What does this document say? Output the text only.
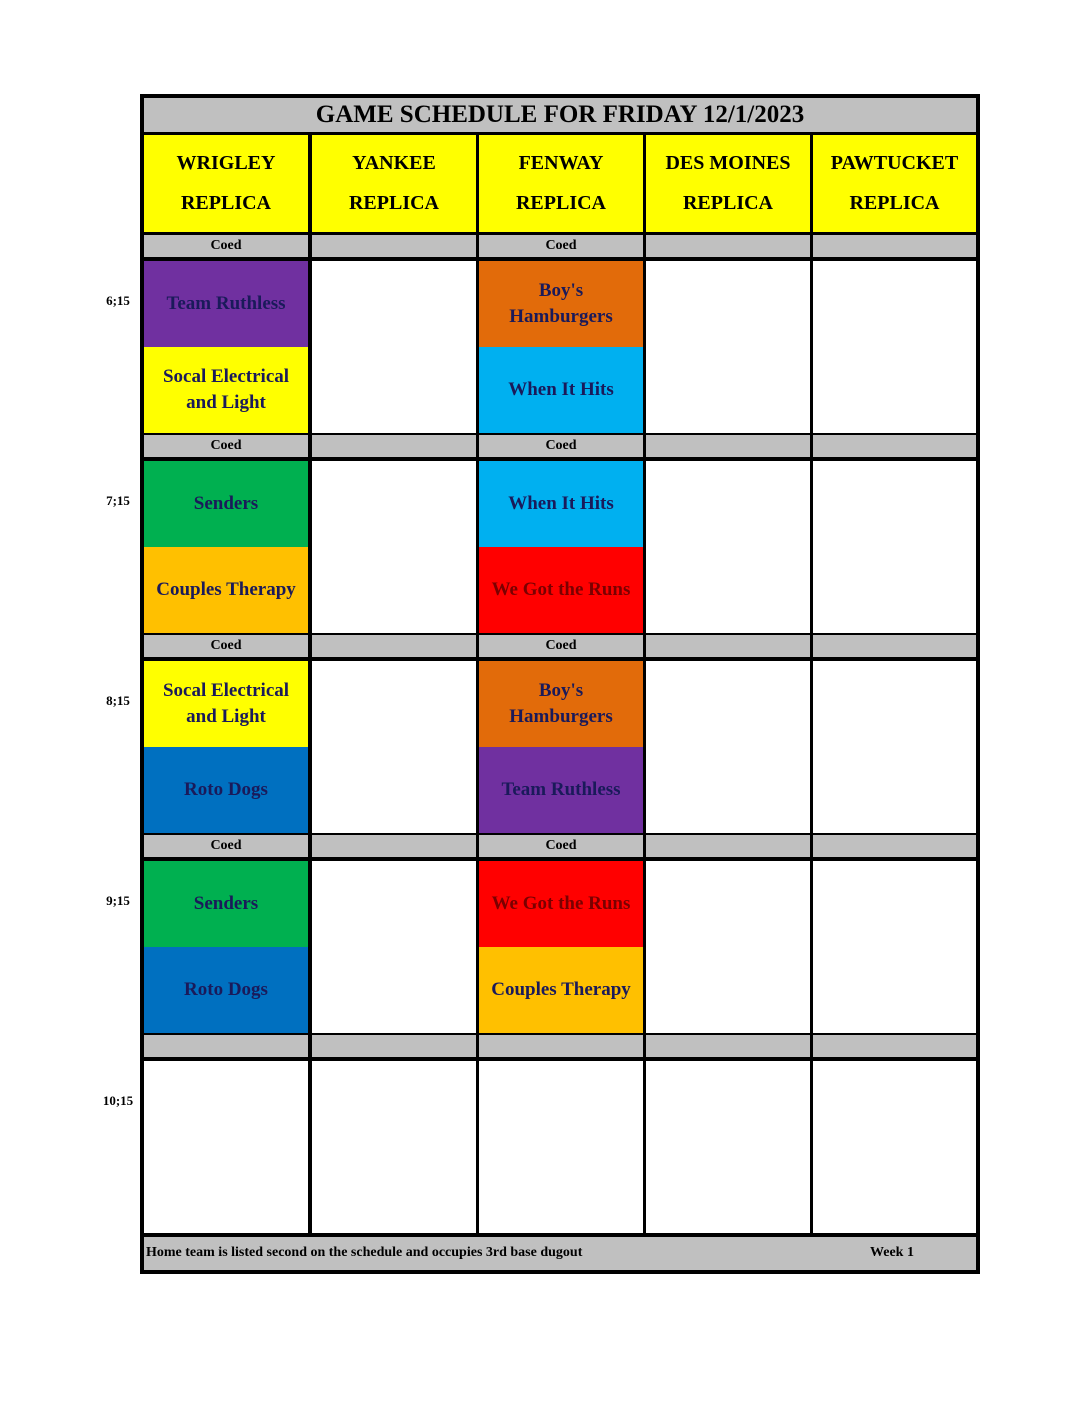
GAME SCHEDULE FOR FRIDAY 12/1/2023
Home team is listed second on the schedule and occupies 3rd base dugout	Week 1
WRIGLEY
REPLICA
YANKEE
REPLICA
FENWAY
REPLICA
DES MOINES
REPLICA
PAWTUCKET
REPLICA
Coed
Team Ruthless
Socal Electrical and Light
Coed
Boy's Hamburgers
When It Hits
Coed
Senders
Couples Therapy
Coed
When It Hits
We Got the Runs
Coed
Socal Electrical and Light
Roto Dogs
Coed
Boy's Hamburgers
Team Ruthless
Coed
Senders
Roto Dogs
Coed
We Got the Runs
Couples Therapy
6;15
7;15
8;15
9;15
10;15
